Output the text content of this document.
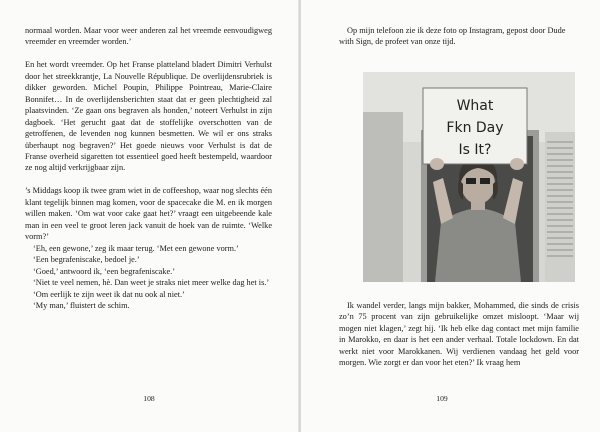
normaal worden. Maar voor weer anderen zal het vreemde eenvoudigweg vreemder en vreemder worden.’

En het wordt vreemder. Op het Franse platteland bladert Dimitri Verhulst door het streekkrantje, La Nouvelle République. De overlijdensrubriek is dikker geworden. Michel Poupin, Philippe Pointreau, Marie-Claire Bonnifet… In de overlijdensberichten staat dat er geen plechtigheid zal plaatsvinden. ‘Ze gaan ons begraven als honden,’ noteert Verhulst in zijn dagboek. ‘Het gerucht gaat dat de stoffelijke overschotten van de getroffenen, de levenden nog kunnen besmetten. We wil er ons straks überhaupt nog begraven?’ Het goede nieuws voor Verhulst is dat de Franse overheid sigaretten tot essentieel goed heeft bestempeld, waardoor ze nog altijd verkrijgbaar zijn.

’s Middags koop ik twee gram wiet in de coffeeshop, waar nog slechts één klant tegelijk binnen mag komen, voor de spacecake die M. en ik morgen willen maken. ‘Om wat voor cake gaat het?’ vraagt een uitgebeende kale man in een veel te groot leren jack vanuit de hoek van de ruimte. ‘Welke vorm?’

‘Eh, een gewone,’ zeg ik maar terug. ‘Met een gewone vorm.’

‘Een begrafeniscake, bedoel je.’

‘Goed,’ antwoord ik, ‘een begrafeniscake.’

‘Niet te veel nemen, hè. Dan weet je straks niet meer welke dag het is.’

‘Om eerlijk te zijn weet ik dat nu ook al niet.’

‘My man,’ fluistert de schim.

108

Op mijn telefoon zie ik deze foto op Instagram, gepost door Dude with Sign, de profeet van onze tijd.

What
Fkn Day
Is It?

Ik wandel verder, langs mijn bakker, Mohammed, die sinds de crisis zo’n 75 procent van zijn gebruikelijke omzet misloopt. ‘Maar wij mogen niet klagen,’ zegt hij. ‘Ik heb elke dag contact met mijn familie in Marokko, en daar is het een ander verhaal. Totale lockdown. En dat werkt niet voor Marokkanen. Wij verdienen vandaag het geld voor morgen. Wie zorgt er dan voor het eten?’ Ik vraag hem

109
